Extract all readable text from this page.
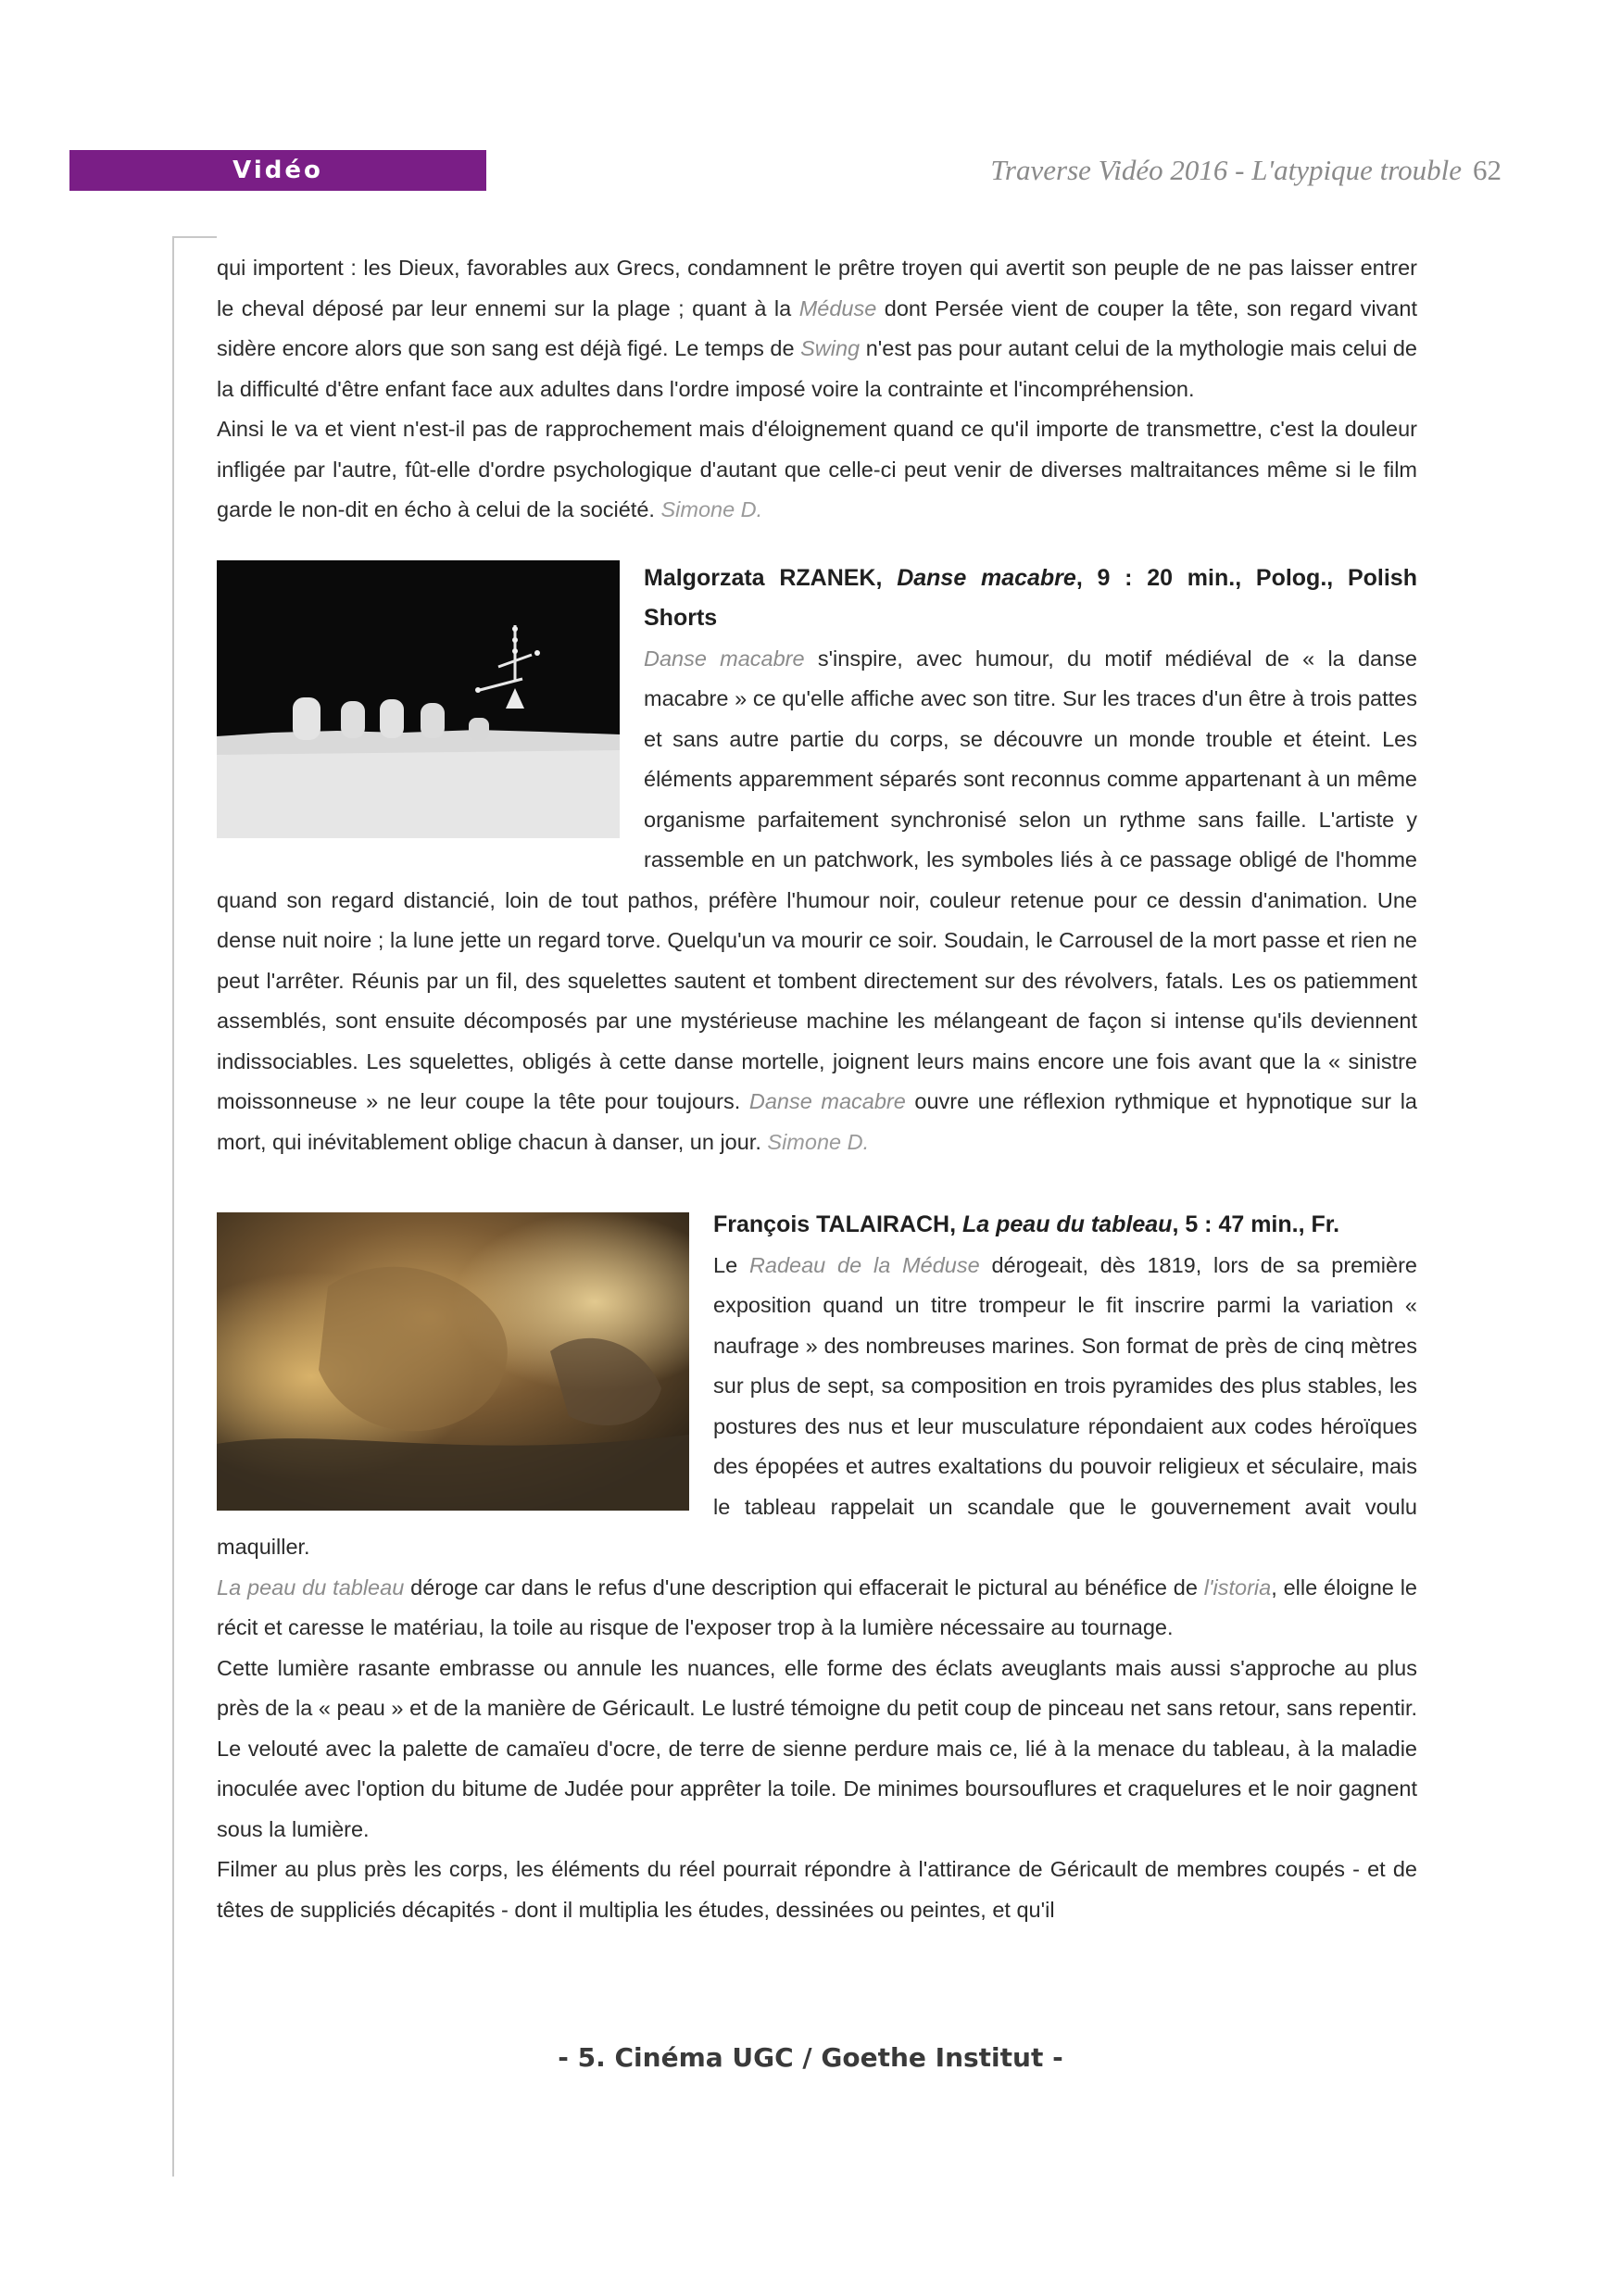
Vidéo	Traverse Vidéo 2016 - L'atypique trouble 62

qui importent : les Dieux, favorables aux Grecs, condamnent le prêtre troyen qui avertit son peuple de ne pas laisser entrer le cheval déposé par leur ennemi sur la plage ; quant à la Méduse dont Persée vient de couper la tête, son regard vivant sidère encore alors que son sang est déjà figé. Le temps de Swing n'est pas pour autant celui de la mythologie mais celui de la difficulté d'être enfant face aux adultes dans l'ordre imposé voire la contrainte et l'incompréhension.

Ainsi le va et vient n'est-il pas de rapprochement mais d'éloignement quand ce qu'il importe de transmettre, c'est la douleur infligée par l'autre, fût-elle d'ordre psychologique d'autant que celle-ci peut venir de diverses maltraitances même si le film garde le non-dit en écho à celui de la société. Simone D.

Malgorzata RZANEK, Danse macabre, 9 : 20 min., Polog., Polish Shorts

Danse macabre s'inspire, avec humour, du motif médiéval de « la danse macabre » ce qu'elle affiche avec son titre. Sur les traces d'un être à trois pattes et sans autre partie du corps, se découvre un monde trouble et éteint. Les éléments apparemment séparés sont reconnus comme appartenant à un même organisme parfaitement synchronisé selon un rythme sans faille. L'artiste y rassemble en un patchwork, les symboles liés à ce passage obligé de l'homme quand son regard distancié, loin de tout pathos, préfère l'humour noir, couleur retenue pour ce dessin d'animation. Une dense nuit noire ; la lune jette un regard torve. Quelqu'un va mourir ce soir. Soudain, le Carrousel de la mort passe et rien ne peut l'arrêter. Réunis par un fil, des squelettes sautent et tombent directement sur des révolvers, fatals. Les os patiemment assemblés, sont ensuite décomposés par une mystérieuse machine les mélangeant de façon si intense qu'ils deviennent indissociables. Les squelettes, obligés à cette danse mortelle, joignent leurs mains encore une fois avant que la « sinistre moissonneuse » ne leur coupe la tête pour toujours. Danse macabre ouvre une réflexion rythmique et hypnotique sur la mort, qui inévitablement oblige chacun à danser, un jour. Simone D.

François TALAIRACH, La peau du tableau, 5 : 47 min., Fr.

Le Radeau de la Méduse dérogeait, dès 1819, lors de sa première exposition quand un titre trompeur le fit inscrire parmi la variation « naufrage » des nombreuses marines. Son format de près de cinq mètres sur plus de sept, sa composition en trois pyramides des plus stables, les postures des nus et leur musculature répondaient aux codes héroïques des épopées et autres exaltations du pouvoir religieux et séculaire, mais le tableau rappelait un scandale que le gouvernement avait voulu maquiller.

La peau du tableau déroge car dans le refus d'une description qui effacerait le pictural au bénéfice de l'istoria, elle éloigne le récit et caresse le matériau, la toile au risque de l'exposer trop à la lumière nécessaire au tournage.

Cette lumière rasante embrasse ou annule les nuances, elle forme des éclats aveuglants mais aussi s'approche au plus près de la « peau » et de la manière de Géricault. Le lustré témoigne du petit coup de pinceau net sans retour, sans repentir. Le velouté avec la palette de camaïeu d'ocre, de terre de sienne perdure mais ce, lié à la menace du tableau, à la maladie inoculée avec l'option du bitume de Judée pour apprêter la toile. De minimes boursouflures et craquelures et le noir gagnent sous la lumière.

Filmer au plus près les corps, les éléments du réel pourrait répondre à l'attirance de Géricault de membres coupés - et de têtes de suppliciés décapités - dont il multiplia les études, dessinées ou peintes, et qu'il

- 5. Cinéma UGC / Goethe Institut -
